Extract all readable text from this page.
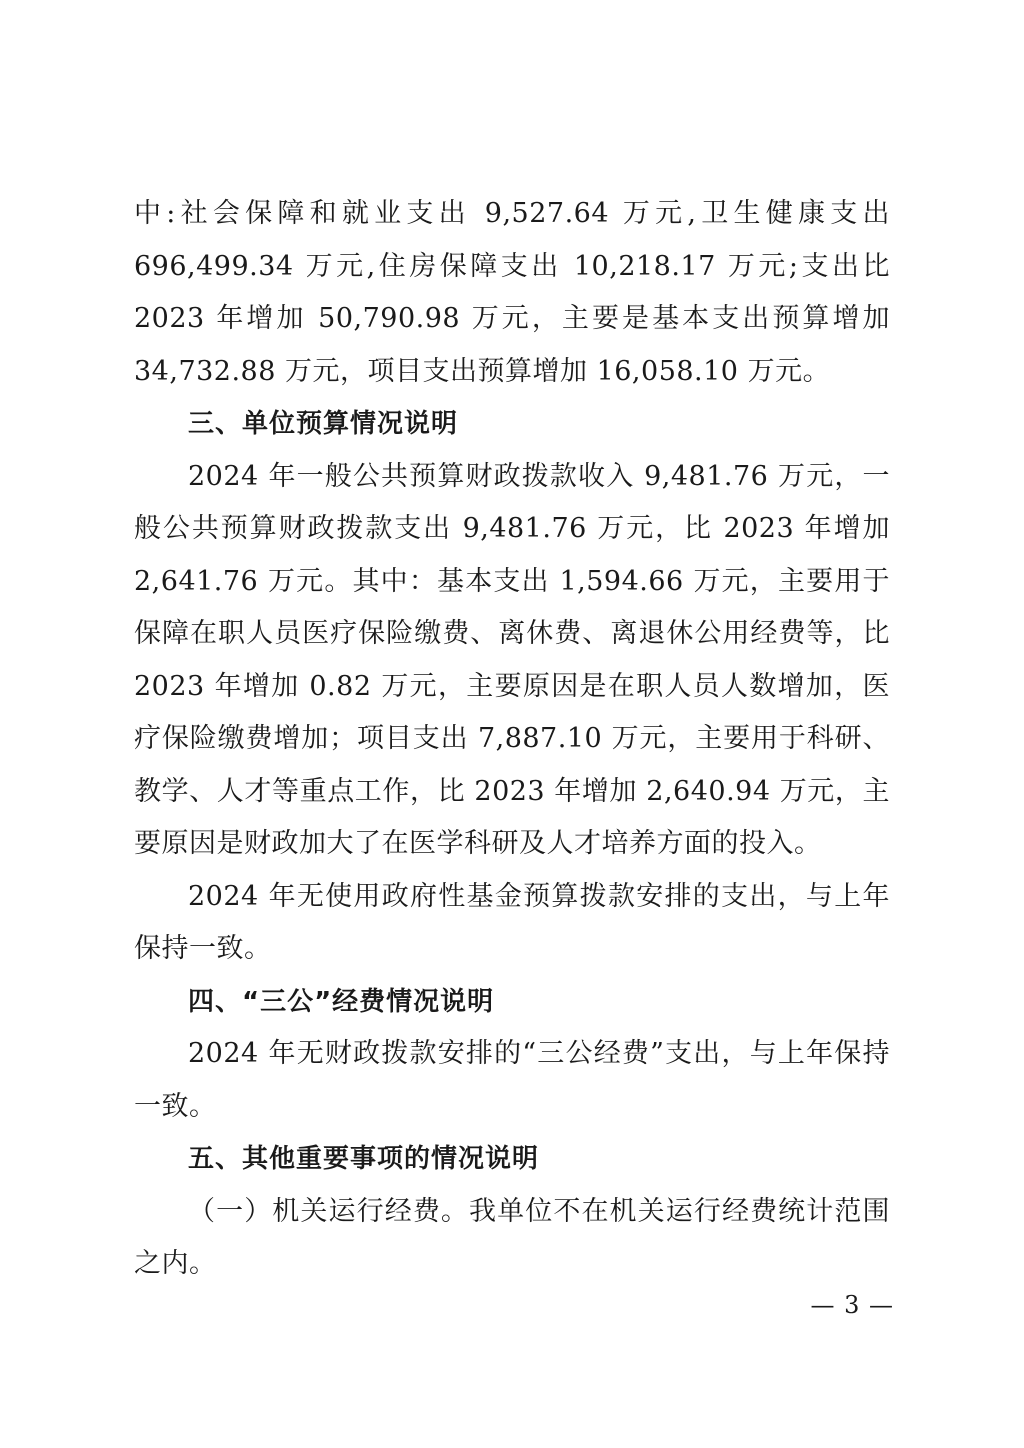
中:社会保障和就业支出 9,527.64 万元,卫生健康支出 696,499.34 万元,住房保障支出 10,218.17 万元;支出比 2023 年增加 50,790.98 万元，主要是基本支出预算增加 34,732.88 万元，项目支出预算增加 16,058.10 万元。

三、单位预算情况说明

2024 年一般公共预算财政拨款收入 9,481.76 万元，一般公共预算财政拨款支出 9,481.76 万元，比 2023 年增加 2,641.76 万元。其中：基本支出 1,594.66 万元，主要用于保障在职人员医疗保险缴费、离休费、离退休公用经费等，比 2023 年增加 0.82 万元，主要原因是在职人员人数增加，医疗保险缴费增加；项目支出 7,887.10 万元，主要用于科研、教学、人才等重点工作，比 2023 年增加 2,640.94 万元，主要原因是财政加大了在医学科研及人才培养方面的投入。

2024 年无使用政府性基金预算拨款安排的支出，与上年保持一致。

四、“三公”经费情况说明

2024 年无财政拨款安排的“三公经费”支出，与上年保持一致。

五、其他重要事项的情况说明

（一）机关运行经费。我单位不在机关运行经费统计范围之内。

— 3 —
